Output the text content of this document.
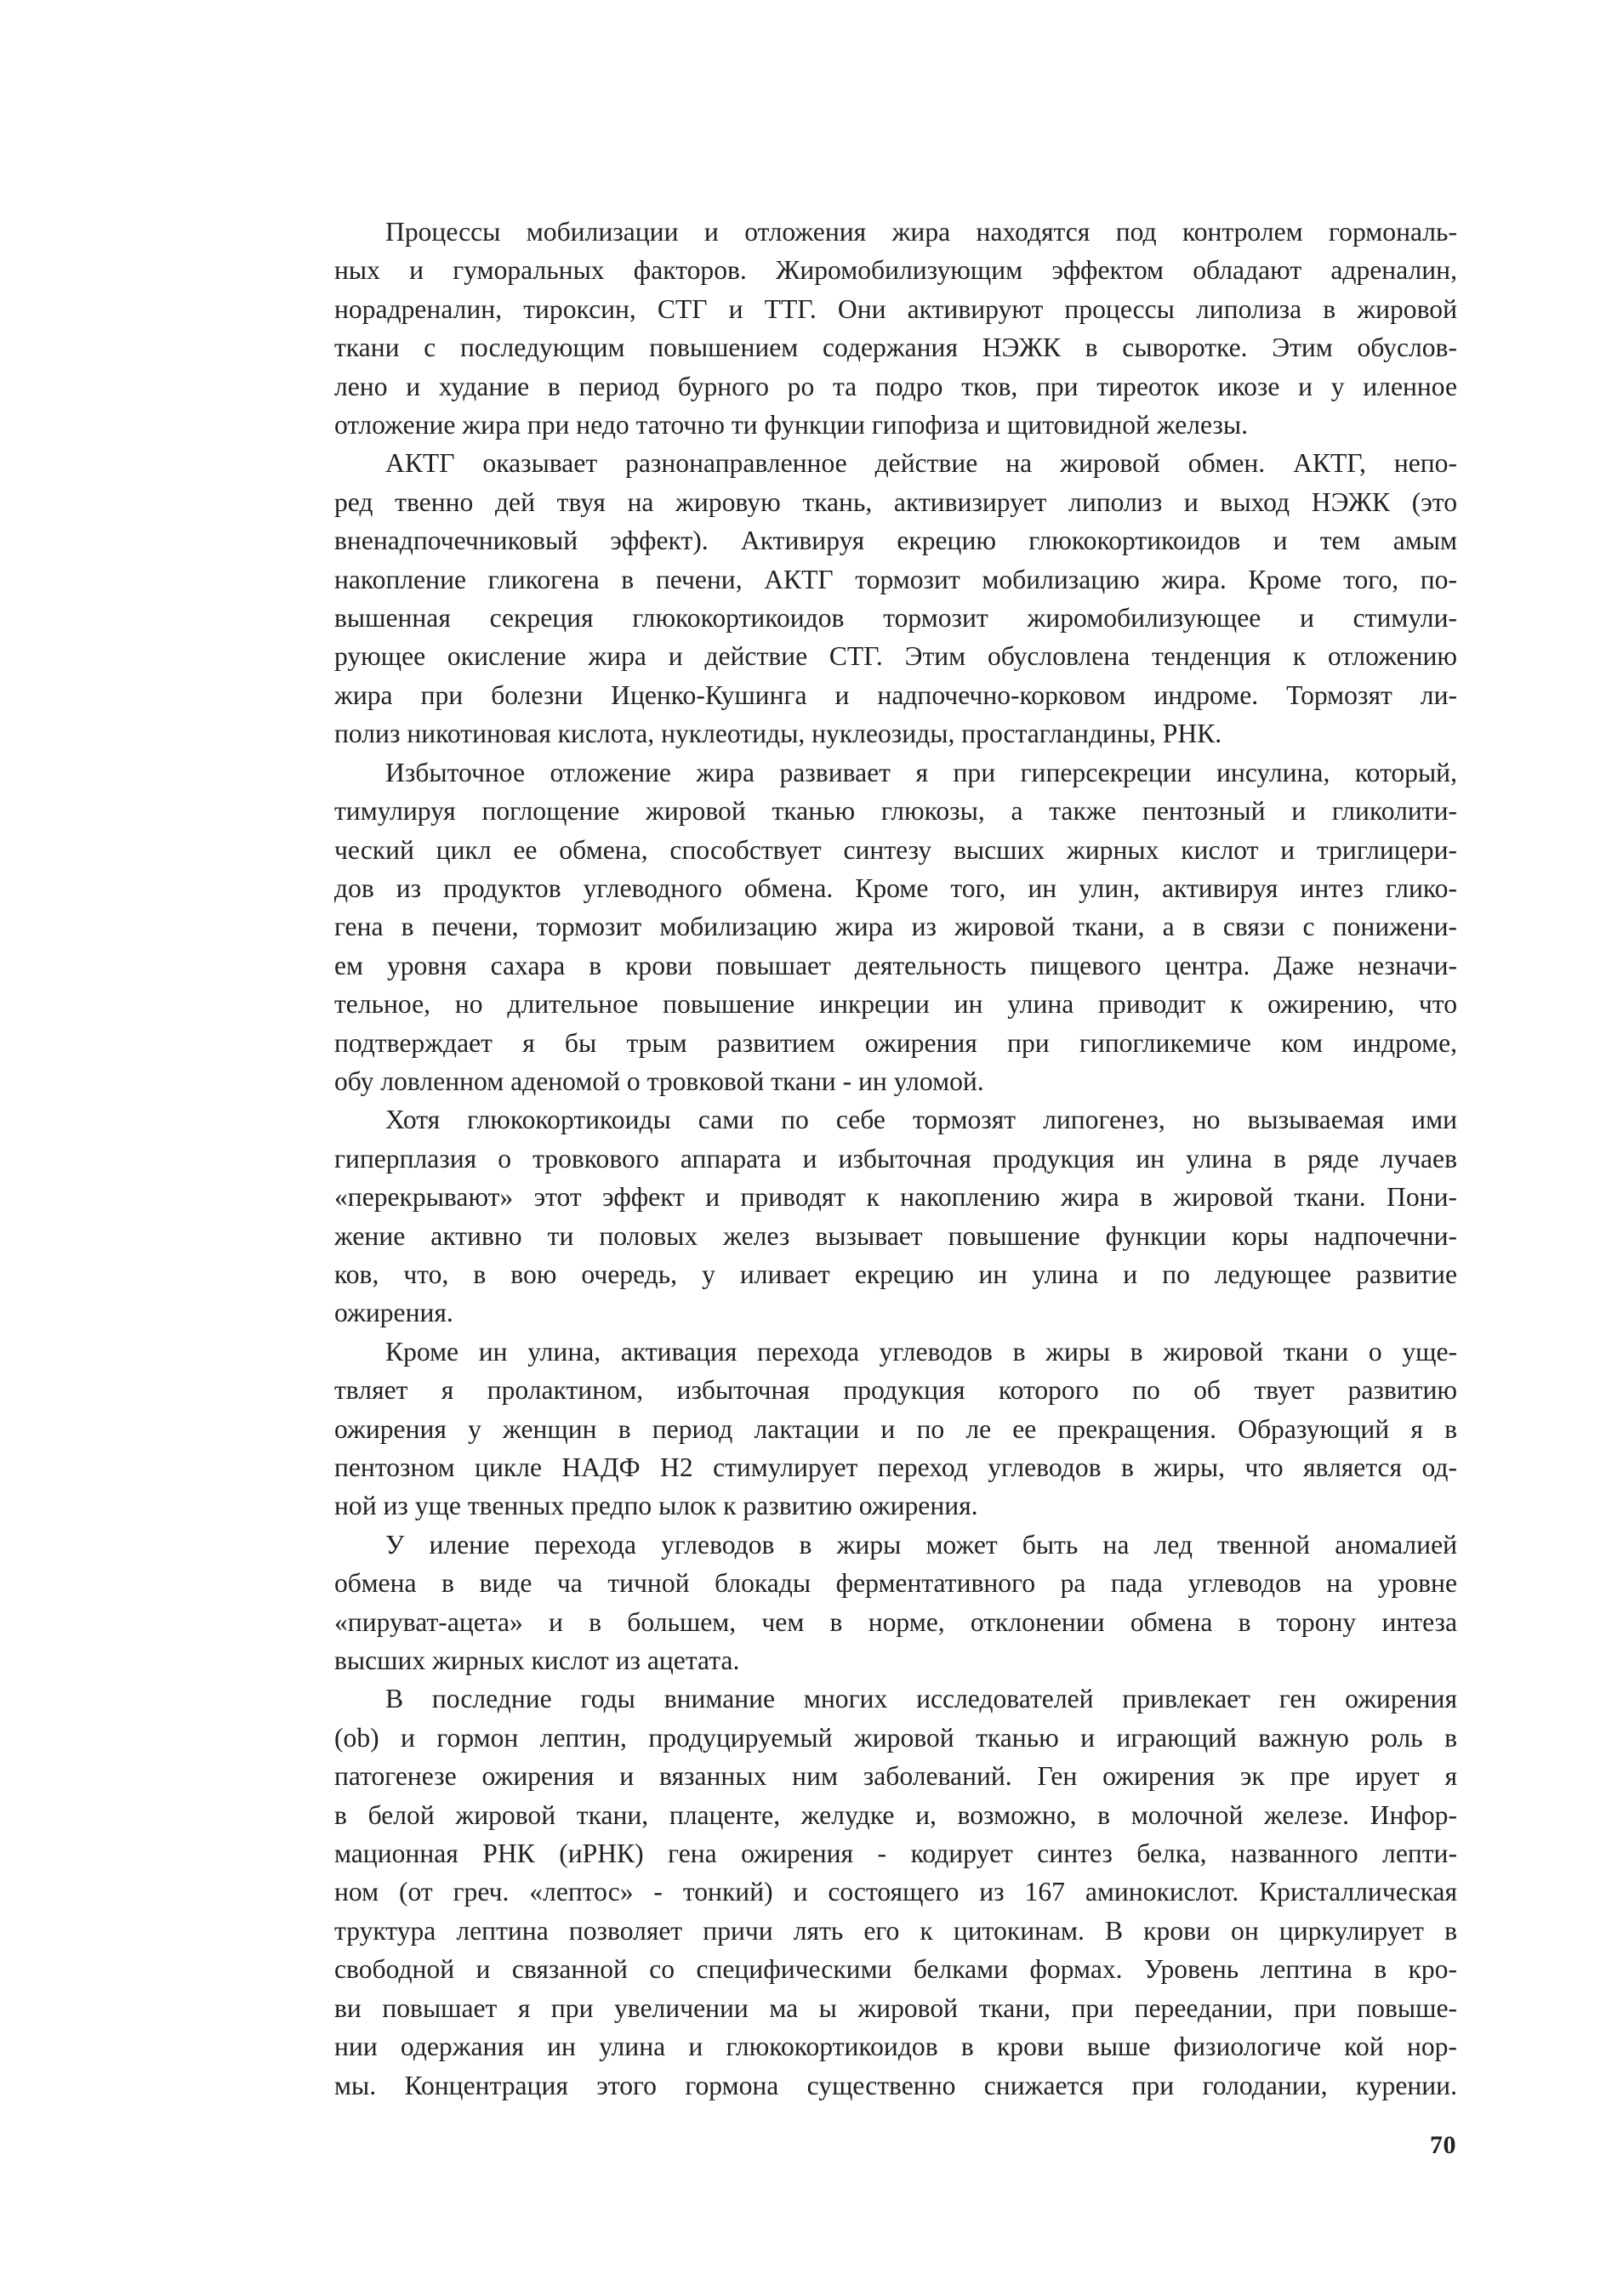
Процессы мобилизации и отложения жира находятся под контролем гормональ-
ных и гуморальных факторов. Жиромобилизующим эффектом обладают адреналин,
норадреналин, тироксин, СТГ и ТТГ. Они активируют процессы липолиза в жировой
ткани с последующим повышением содержания НЭЖК в сыворотке. Этим обуслов-
лено и худание в период бурного ро та подро тков, при тиреоток икозе и у иленное
отложение жира при недо таточно ти функции гипофиза и щитовидной железы.

АКТГ оказывает разнонаправленное действие на жировой обмен. АКТГ, непо-
ред твенно дей твуя на жировую ткань, активизирует липолиз и выход НЭЖК (это
вненадпочечниковый эффект). Активируя екрецию глюкокортикоидов и тем амым
накопление гликогена в печени, АКТГ тормозит мобилизацию жира. Кроме того, по-
вышенная секреция глюкокортикоидов тормозит жиромобилизующее и стимули-
рующее окисление жира и действие СТГ. Этим обусловлена тенденция к отложению
жира при болезни Иценко-Кушинга и надпочечно-корковом индроме. Тормозят ли-
полиз никотиновая кислота, нуклеотиды, нуклеозиды, простагландины, РНК.

Избыточное отложение жира развивает я при гиперсекреции инсулина, который,
тимулируя поглощение жировой тканью глюкозы, а также пентозный и гликолити-
ческий цикл ее обмена, способствует синтезу высших жирных кислот и триглицери-
дов из продуктов углеводного обмена. Кроме того, ин улин, активируя интез глико-
гена в печени, тормозит мобилизацию жира из жировой ткани, а в связи с понижени-
ем уровня сахара в крови повышает деятельность пищевого центра. Даже незначи-
тельное, но длительное повышение инкреции ин улина приводит к ожирению, что
подтверждает я бы трым развитием ожирения при гипогликемиче ком индроме,
обу ловленном аденомой о тровковой ткани - ин уломой.

Хотя глюкокортикоиды сами по себе тормозят липогенез, но вызываемая ими
гиперплазия о тровкового аппарата и избыточная продукция ин улина в ряде лучаев
«перекрывают» этот эффект и приводят к накоплению жира в жировой ткани. Пони-
жение активно ти половых желез вызывает повышение функции коры надпочечни-
ков, что, в вою очередь, у иливает екрецию ин улина и по ледующее развитие
ожирения.

Кроме ин улина, активация перехода углеводов в жиры в жировой ткани о уще-
твляет я пролактином, избыточная продукция которого по об твует развитию
ожирения у женщин в период лактации и по ле ее прекращения. Образующий я в
пентозном цикле НАДФ Н2 стимулирует переход углеводов в жиры, что является од-
ной из уще твенных предпо ылок к развитию ожирения.

У иление перехода углеводов в жиры может быть на лед твенной аномалией
обмена в виде ча тичной блокады ферментативного ра пада углеводов на уровне
«пируват-ацета» и в большем, чем в норме, отклонении обмена в торону интеза
высших жирных кислот из ацетата.

В последние годы внимание многих исследователей привлекает ген ожирения
(ob) и гормон лептин, продуцируемый жировой тканью и играющий важную роль в
патогенезе ожирения и вязанных ним заболеваний. Ген ожирения эк пре ирует я
в белой жировой ткани, плаценте, желудке и, возможно, в молочной железе. Инфор-
мационная РНК (иРНК) гена ожирения - кодирует синтез белка, названного лепти-
ном (от греч. «лептос» - тонкий) и состоящего из 167 аминокислот. Кристаллическая
труктура лептина позволяет причи лять его к цитокинам. В крови он циркулирует в
свободной и связанной со специфическими белками формах. Уровень лептина в кро-
ви повышает я при увеличении ма ы жировой ткани, при переедании, при повыше-
нии одержания ин улина и глюкокортикоидов в крови выше физиологиче кой нор-
мы. Концентрация этого гормона существенно снижается при голодании, курении.

70
